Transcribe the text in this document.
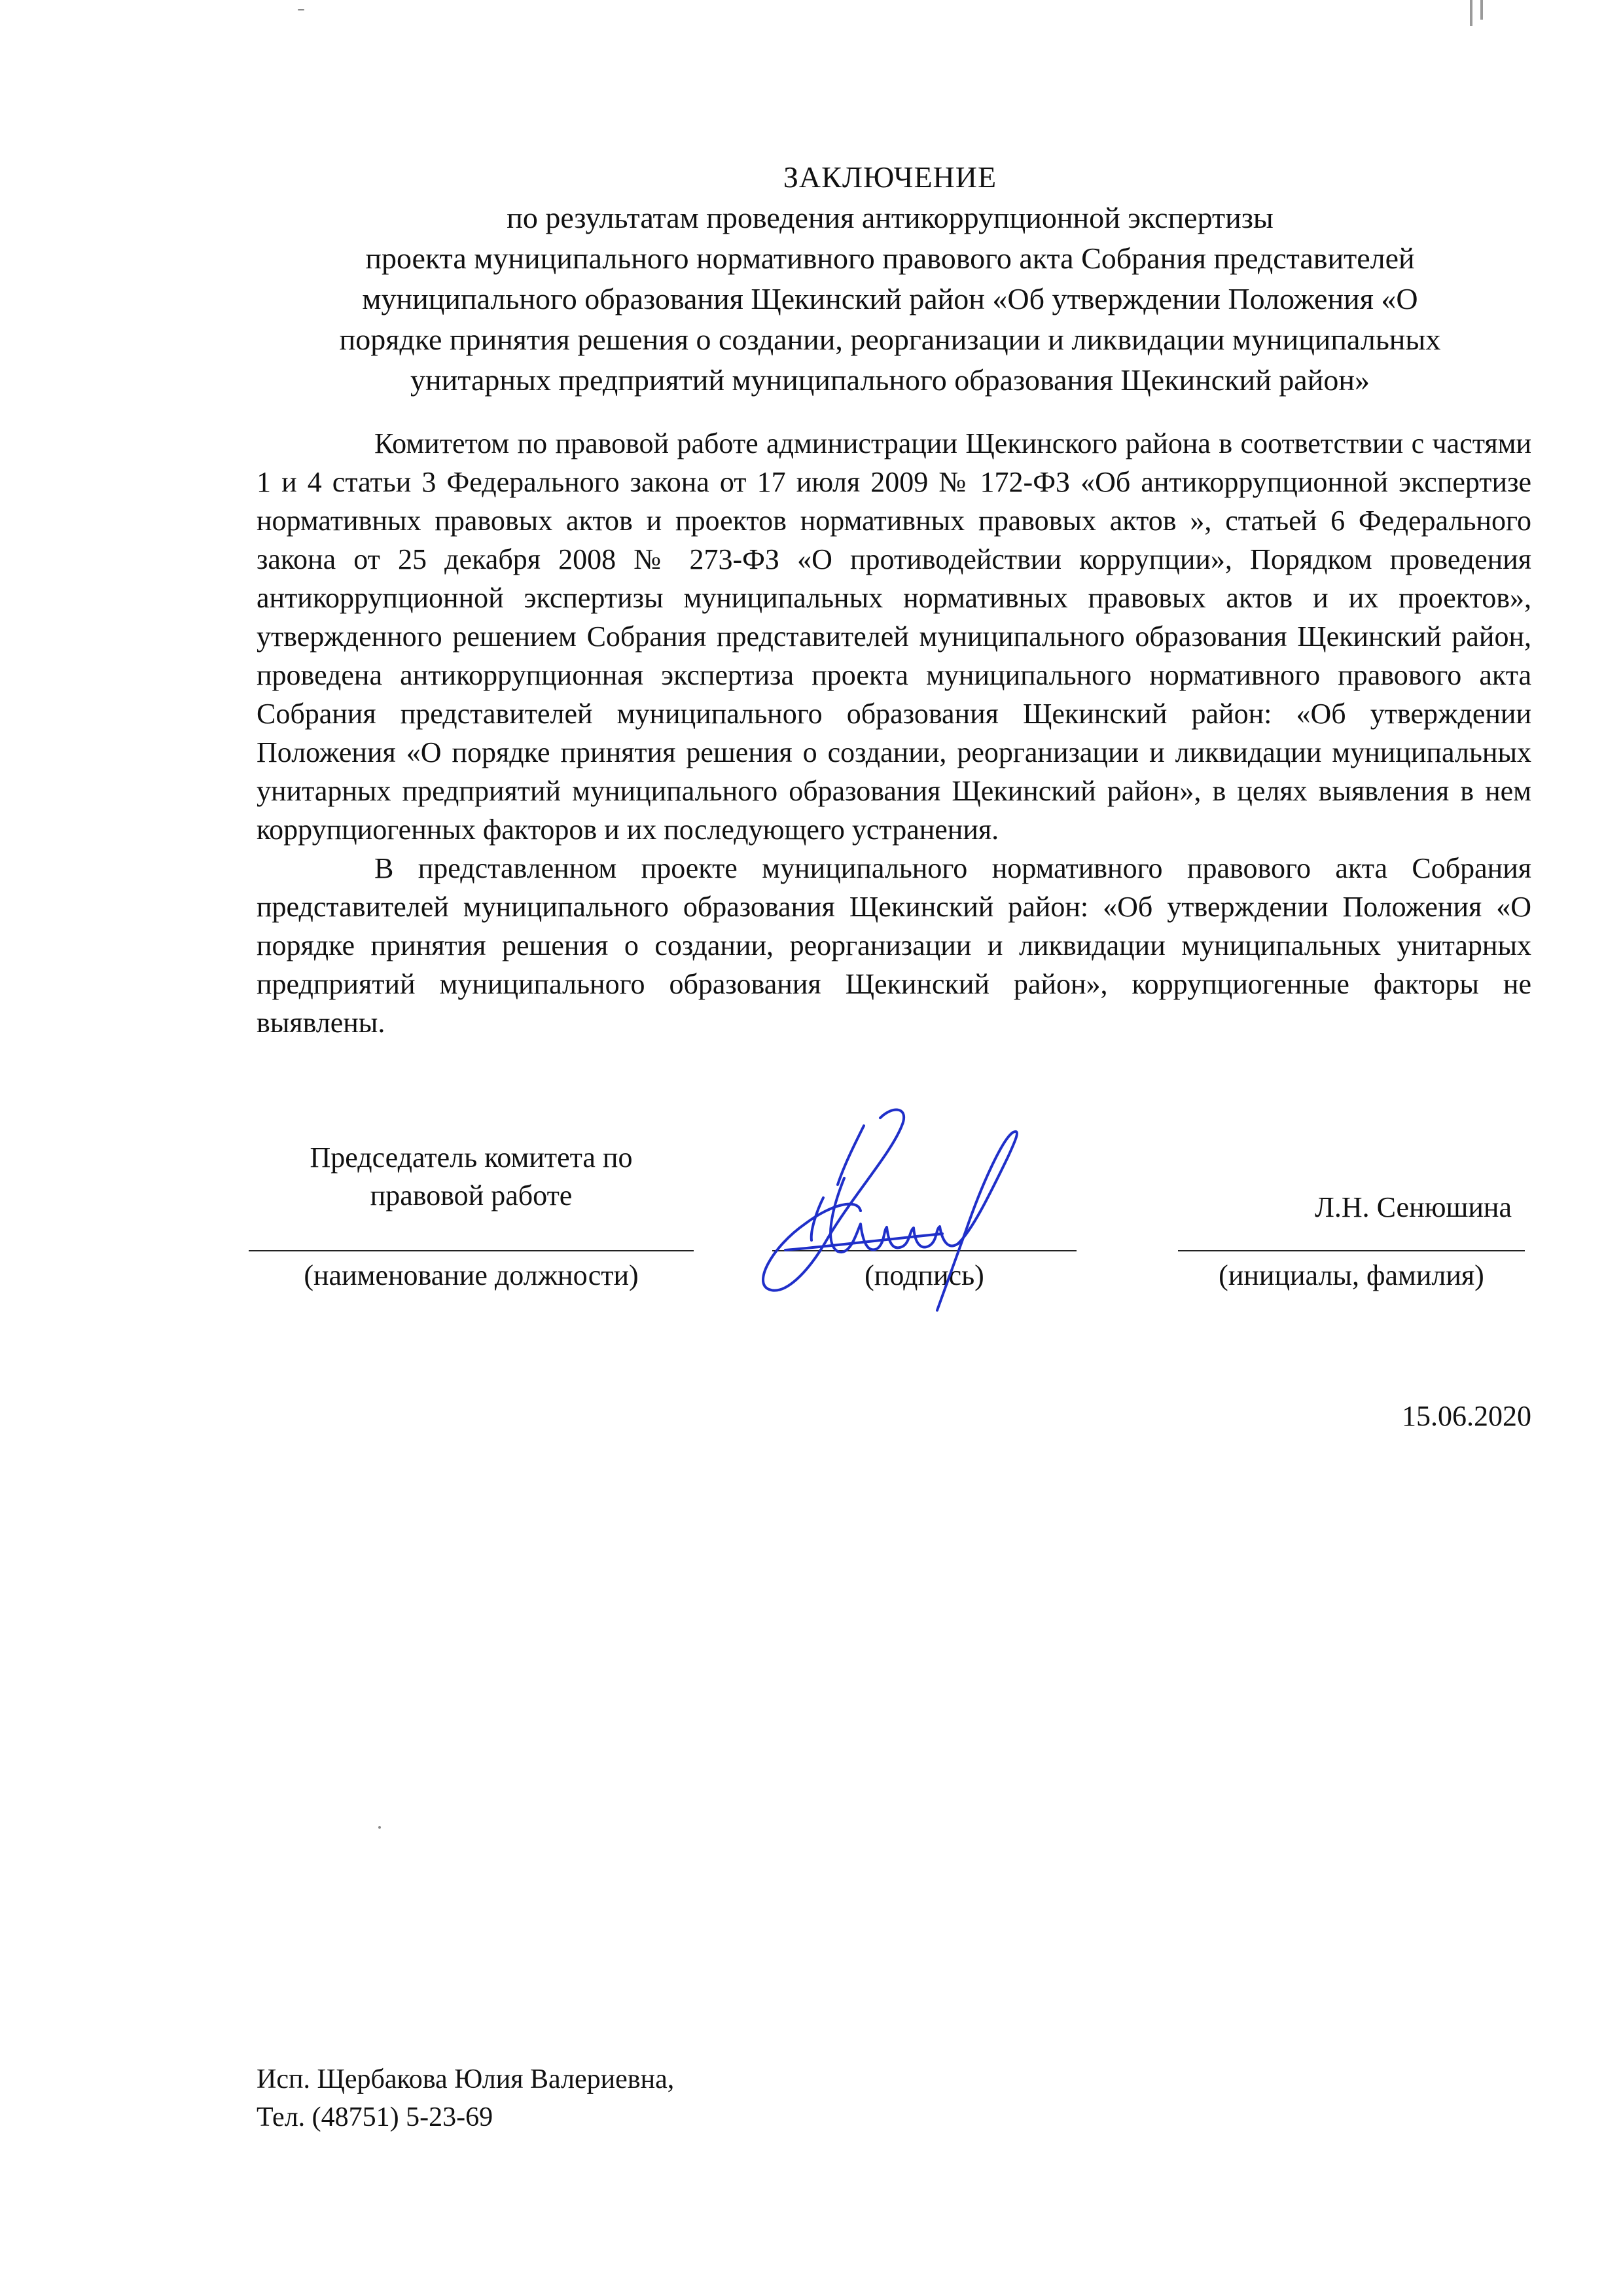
ЗАКЛЮЧЕНИЕ
по результатам проведения антикоррупционной экспертизы
проекта муниципального нормативного правового акта Собрания представителей
муниципального образования Щекинский район «Об утверждении Положения «О
порядке принятия решения о создании, реорганизации и ликвидации муниципальных
унитарных предприятий муниципального образования Щекинский район»

Комитетом по правовой работе администрации Щекинского района в соответствии с частями 1 и 4 статьи 3 Федерального закона от 17 июля 2009 № 172-ФЗ «Об антикоррупционной экспертизе нормативных правовых актов и проектов нормативных правовых актов », статьей 6 Федерального закона от 25 декабря 2008 № 273-ФЗ «О противодействии коррупции», Порядком проведения антикоррупционной экспертизы муниципальных нормативных правовых актов и их проектов», утвержденного решением Собрания представителей муниципального образования Щекинский район, проведена антикоррупционная экспертиза проекта муниципального нормативного правового акта Собрания представителей муниципального образования Щекинский район: «Об утверждении Положения «О порядке принятия решения о создании, реорганизации и ликвидации муниципальных унитарных предприятий муниципального образования Щекинский район», в целях выявления в нем коррупциогенных факторов и их последующего устранения.

В представленном проекте муниципального нормативного правового акта Собрания представителей муниципального образования Щекинский район: «Об утверждении Положения «О порядке принятия решения о создании, реорганизации и ликвидации муниципальных унитарных предприятий муниципального образования Щекинский район», коррупциогенные факторы не выявлены.

Председатель комитета по
правовой работе
(наименование должности)	(подпись)
Л.Н. Сенюшина
(инициалы, фамилия)
15.06.2020
Исп. Щербакова Юлия Валериевна,
Тел. (48751) 5-23-69
